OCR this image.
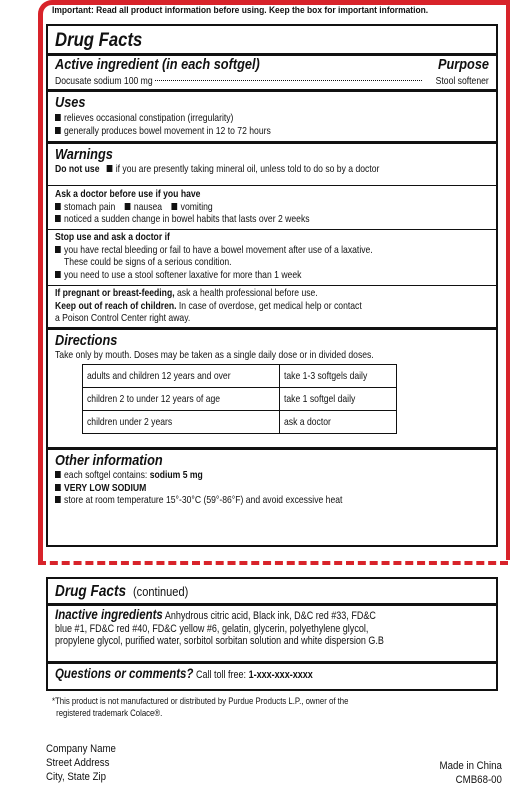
Important: Read all product information before using. Keep the box for important information.
Drug Facts
Active ingredient (in each softgel)	Purpose
Docusate sodium 100 mg	Stool softener
Uses
relieves occasional constipation (irregularity)
generally produces bowel movement in 12 to 72 hours
Warnings
Do not use if you are presently taking mineral oil, unless told to do so by a doctor
Ask a doctor before use if you have
stomach pain nausea vomiting
noticed a sudden change in bowel habits that lasts over 2 weeks
Stop use and ask a doctor if
you have rectal bleeding or fail to have a bowel movement after use of a laxative.
These could be signs of a serious condition.
you need to use a stool softener laxative for more than 1 week
If pregnant or breast-feeding, ask a health professional before use.
Keep out of reach of children. In case of overdose, get medical help or contact
a Poison Control Center right away.
Directions
Take only by mouth. Doses may be taken as a single daily dose or in divided doses.
adults and children 12 years and over	take 1-3 softgels daily
children 2 to under 12 years of age	take 1 softgel daily
children under 2 years	ask a doctor
Other information
each softgel contains: sodium 5 mg
VERY LOW SODIUM
store at room temperature 15°-30°C (59°-86°F) and avoid excessive heat
Drug Facts (continued)
Inactive ingredients Anhydrous citric acid, Black ink, D&C red #33, FD&C
blue #1, FD&C red #40, FD&C yellow #6, gelatin, glycerin, polyethylene glycol,
propylene glycol, purified water, sorbitol sorbitan solution and white dispersion G.B
Questions or comments? Call toll free: 1-xxx-xxx-xxxx
*This product is not manufactured or distributed by Purdue Products L.P., owner of the
registered trademark Colace®.
Company Name
Street Address
City, State Zip
Made in China
CMB68-00
